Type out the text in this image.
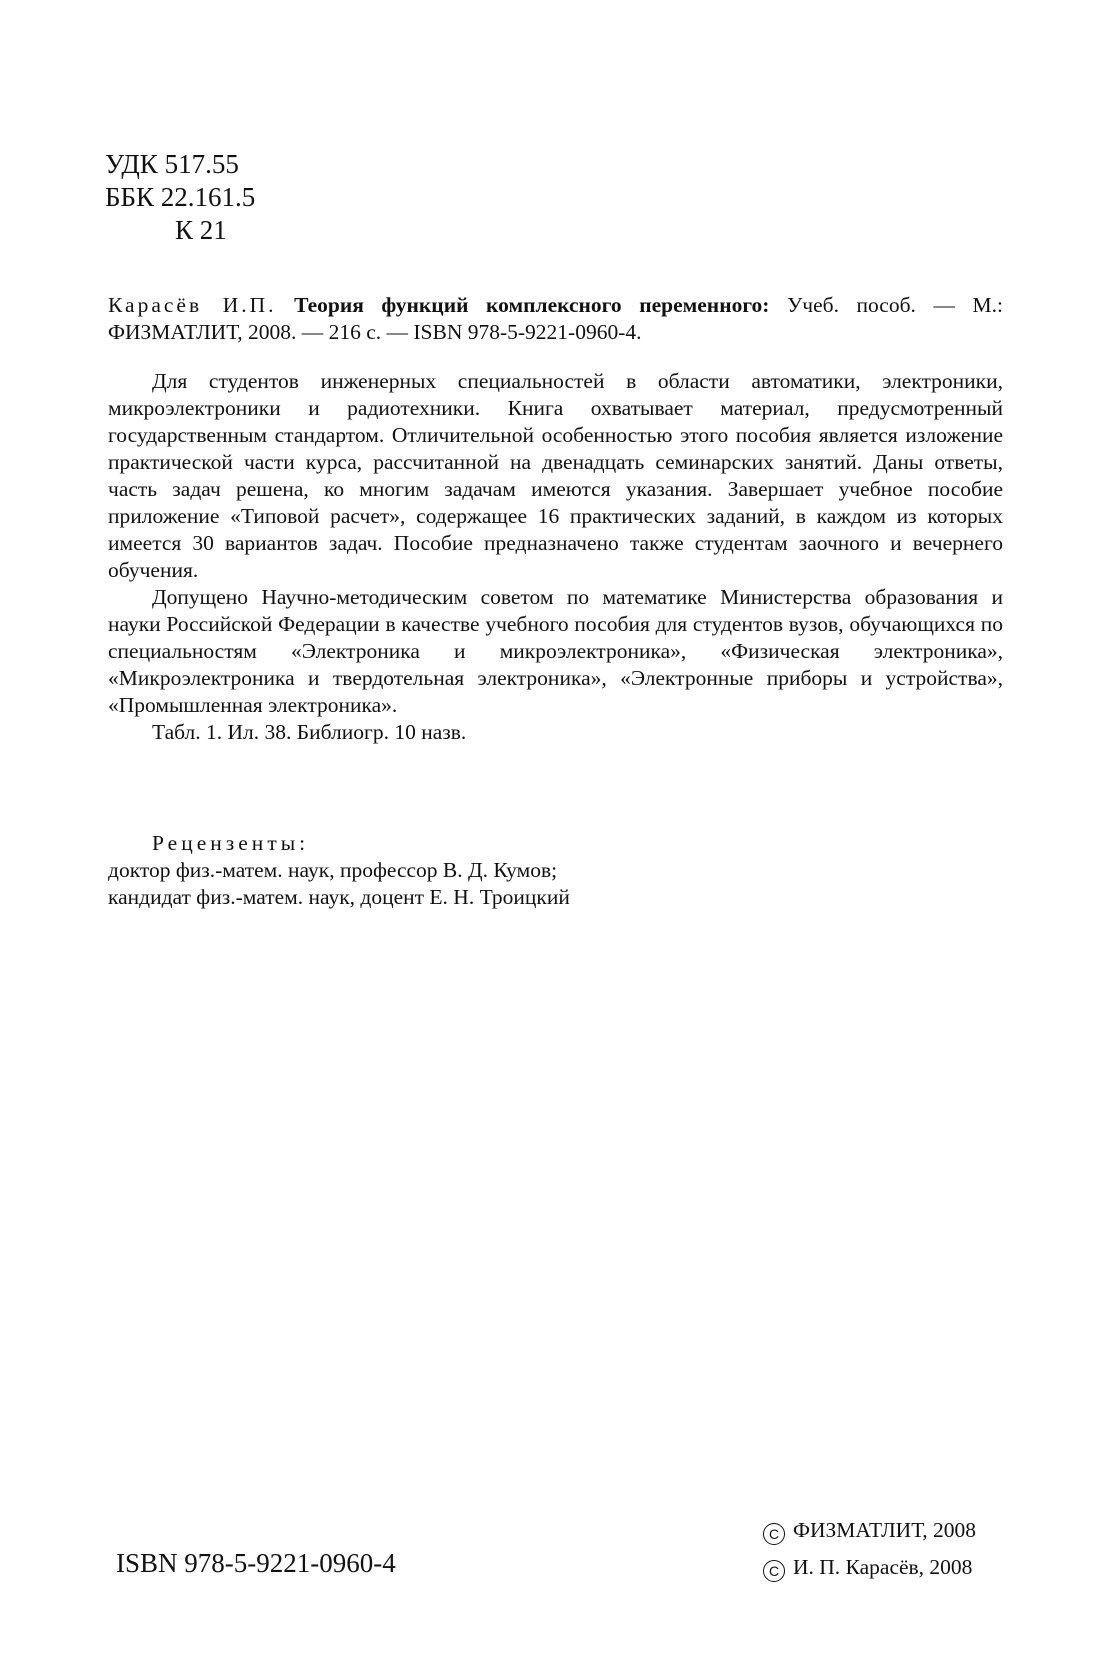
УДК 517.55
ББК 22.161.5
К 21
Карасёв И.П. Теория функций комплексного переменного: Учеб. пособ. — М.: ФИЗМАТЛИТ, 2008. — 216 с. — ISBN 978-5-9221-0960-4.

Для студентов инженерных специальностей в области автоматики, электроники, микроэлектроники и радиотехники. Книга охватывает материал, предусмотренный государственным стандартом. Отличительной особенностью этого пособия является изложение практической части курса, рассчитанной на двенадцать семинарских занятий. Даны ответы, часть задач решена, ко многим задачам имеются указания. Завершает учебное пособие приложение «Типовой расчет», содержащее 16 практических заданий, в каждом из которых имеется 30 вариантов задач. Пособие предназначено также студентам заочного и вечернего обучения.

Допущено Научно-методическим советом по математике Министерства образования и науки Российской Федерации в качестве учебного пособия для студентов вузов, обучающихся по специальностям «Электроника и микроэлектроника», «Физическая электроника», «Микроэлектроника и твердотельная электроника», «Электронные приборы и устройства», «Промышленная электроника».

Табл. 1. Ил. 38. Библиогр. 10 назв.

Рецензенты:
доктор физ.-матем. наук, профессор В. Д. Кумов;
кандидат физ.-матем. наук, доцент Е. Н. Троицкий
ISBN 978-5-9221-0960-4
C ФИЗМАТЛИТ, 2008
C И. П. Карасёв, 2008
